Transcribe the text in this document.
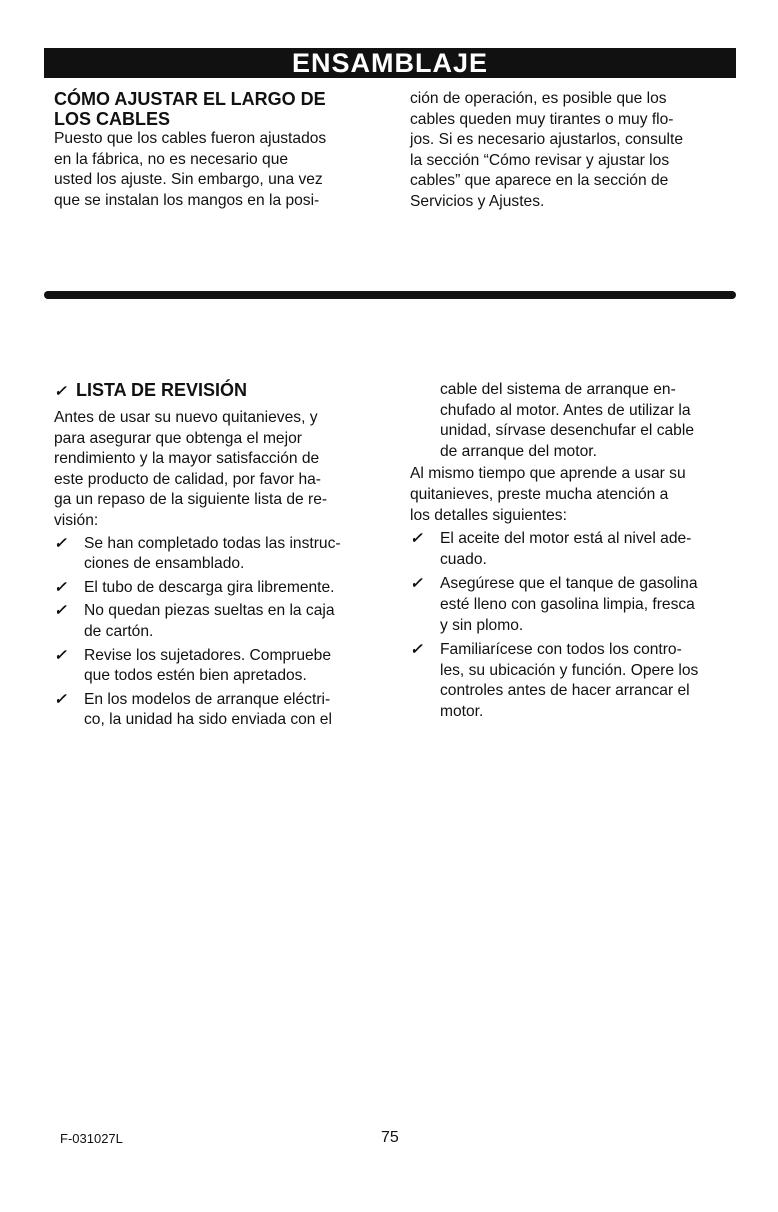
ENSAMBLAJE

CÓMO AJUSTAR EL LARGO DE

LOS CABLES

Puesto que los cables fueron ajustados

en la fábrica, no es necesario que

usted los ajuste. Sin embargo, una vez

que se instalan los mangos en la posi-

ción de operación, es posible que los

cables queden muy tirantes o muy flo-

jos. Si es necesario ajustarlos, consulte

la sección “Cómo revisar y ajustar los

cables” que aparece en la sección de

Servicios y Ajustes.

✓ LISTA DE REVISIÓN

Antes de usar su nuevo quitanieves, y

para asegurar que obtenga el mejor

rendimiento y la mayor satisfacción de

este producto de calidad, por favor ha-

ga un repaso de la siguiente lista de re-

visión:

✓ Se han completado todas las instruc-

ciones de ensamblado.

✓ El tubo de descarga gira libremente.

✓ No quedan piezas sueltas en la caja

de cartón.

✓ Revise los sujetadores. Compruebe

que todos estén bien apretados.

✓ En los modelos de arranque eléctri-

co, la unidad ha sido enviada con el

cable del sistema de arranque en-

chufado al motor. Antes de utilizar la

unidad, sírvase desenchufar el cable

de arranque del motor.

Al mismo tiempo que aprende a usar su

quitanieves, preste mucha atención a

los detalles siguientes:

✓ El aceite del motor está al nivel ade-

cuado.

✓ Asegúrese que el tanque de gasolina

esté lleno con gasolina limpia, fresca

y sin plomo.

✓ Familiarícese con todos los contro-

les, su ubicación y función. Opere los

controles antes de hacer arrancar el

motor.

F-031027L	75
